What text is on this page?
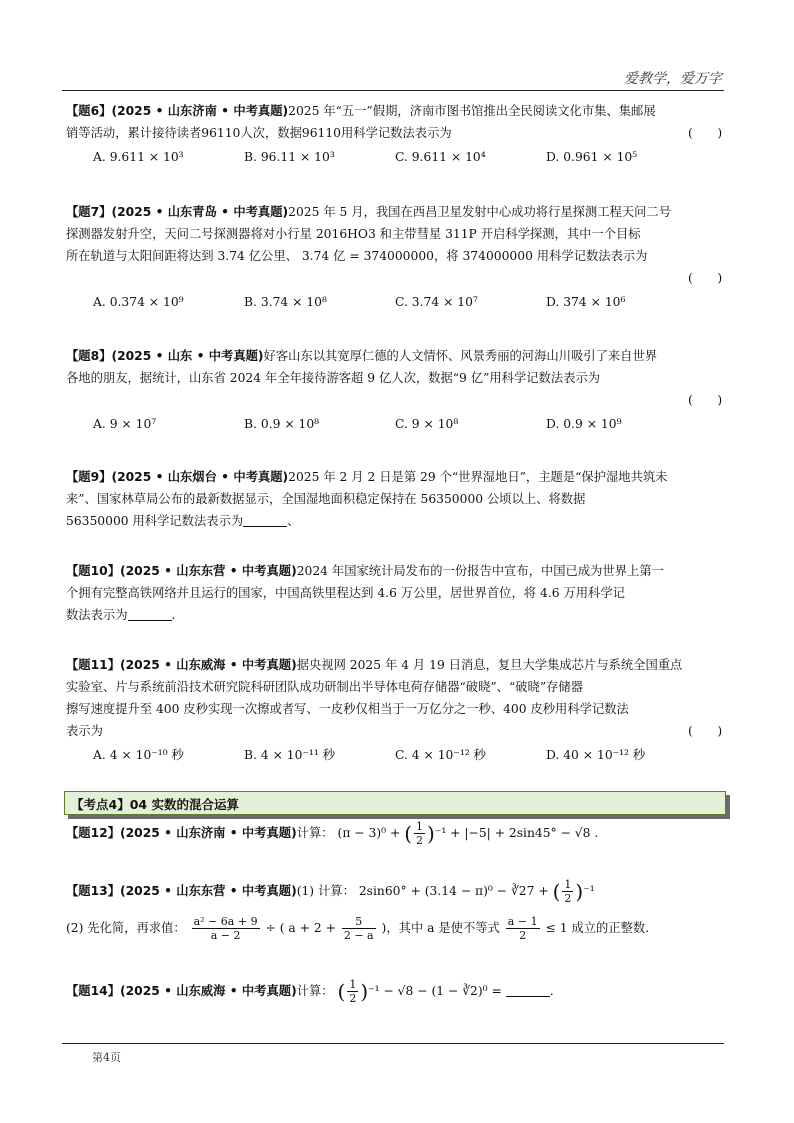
爱教学，爱万字

【题6】(2025 • 山东济南 • 中考真题)2025 年“五一”假期，济南市图书馆推出全民阅读文化市集、集邮展

销等活动，累计接待读者96110人次，数据96110用科学记数法表示为	(　　)

A. 9.611 × 10³	B. 96.11 × 10³	C. 9.611 × 10⁴	D. 0.961 × 10⁵

【题7】(2025 • 山东青岛 • 中考真题)2025 年 5 月，我国在西昌卫星发射中心成功将行星探测工程天问二号

探测器发射升空，天问二号探测器将对小行星 2016HO3 和主带彗星 311P 开启科学探测，其中一个目标

所在轨道与太阳间距将达到 3.74 亿公里、 3.74 亿 = 374000000，将 374000000 用科学记数法表示为

(　　)

A. 0.374 × 10⁹	B. 3.74 × 10⁸	C. 3.74 × 10⁷	D. 374 × 10⁶

【题8】(2025 • 山东 • 中考真题)好客山东以其宽厚仁德的人文情怀、风景秀丽的河海山川吸引了来自世界

各地的朋友，据统计，山东省 2024 年全年接待游客超 9 亿人次，数据“9 亿”用科学记数法表示为

(　　)

A. 9 × 10⁷	B. 0.9 × 10⁸	C. 9 × 10⁸	D. 0.9 × 10⁹

【题9】(2025 • 山东烟台 • 中考真题)2025 年 2 月 2 日是第 29 个“世界湿地日”，主题是“保护湿地共筑未

来”、国家林草局公布的最新数据显示，全国湿地面积稳定保持在 56350000 公顷以上、将数据

56350000 用科学记数法表示为	、

【题10】(2025 • 山东东营 • 中考真题)2024 年国家统计局发布的一份报告中宣布，中国已成为世界上第一

个拥有完整高铁网络并且运行的国家，中国高铁里程达到 4.6 万公里，居世界首位，将 4.6 万用科学记

数法表示为	.

【题11】(2025 • 山东威海 • 中考真题)据央视网 2025 年 4 月 19 日消息，复旦大学集成芯片与系统全国重点

实验室、片与系统前沿技术研究院科研团队成功研制出半导体电荷存储器“破晓”、“破晓”存储器

擦写速度提升至 400 皮秒实现一次擦或者写、一皮秒仅相当于一万亿分之一秒、400 皮秒用科学记数法

表示为	(　　)

A. 4 × 10⁻¹⁰ 秒	B. 4 × 10⁻¹¹ 秒	C. 4 × 10⁻¹² 秒	D. 40 × 10⁻¹² 秒
【考点4】04 实数的混合运算

【题12】(2025 • 山东济南 • 中考真题)计算： (π − 3)⁰ + ( $\frac{1}{2} )^{-1} + |-5| + 2\sin 45^\circ - √8$ .

【题13】(2025 • 山东东营 • 中考真题)(1) 计算： 2sin60° + (3.14 − π)⁰ − ∛27 + ( $\frac{1}{2} )^{-1}$

(2) 先化简，再求值： $\frac{\text{a² − 6a + 9}}{a - 2}$ ÷ ( $a + 2 + \frac{5}{2 - a}$ )，其中 a 是使不等式 $\frac{a - 1}{2} \le 1$ 成立的正整数.

【题14】(2025 • 山东威海 • 中考真题)计算： ( $\frac{1}{2} )^{-1} - √8 - (1$ − ∛2)⁰ =	.

第4页
